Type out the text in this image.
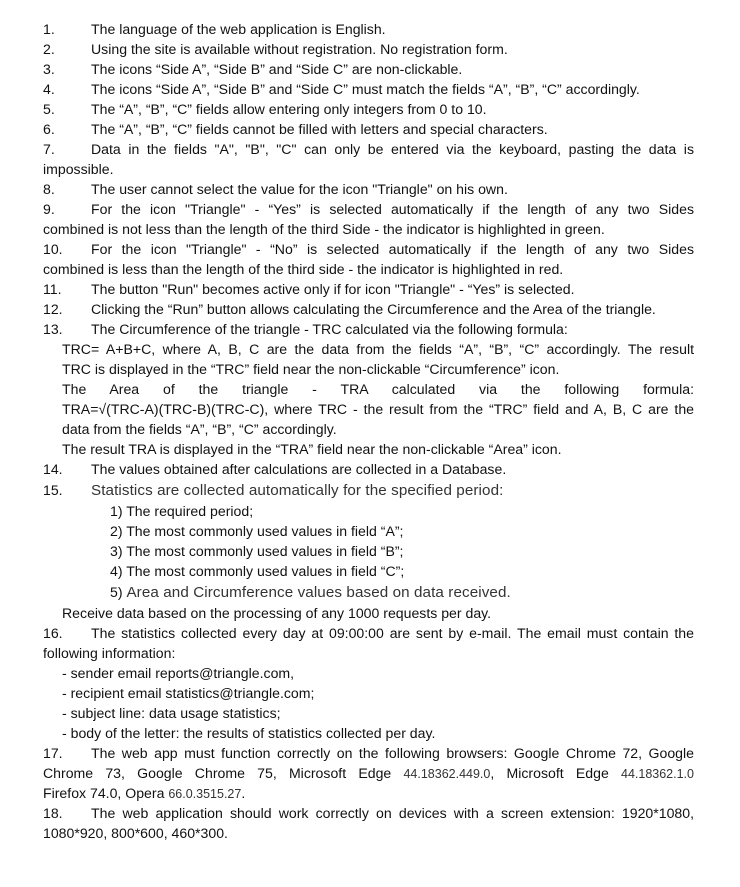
1.	The language of the web application is English.
2.	Using the site is available without registration. No registration form.
3.	The icons “Side A”, “Side B” and “Side C” are non-clickable.
4.	The icons “Side A”, “Side B” and “Side C” must match the fields “A”, “B”, “C” accordingly.
5.	The “A”, “B”, “C” fields allow entering only integers from 0 to 10.
6.	The “A”, “B”, “C” fields cannot be filled with letters and special characters.
7.	Data in the fields "A", "B", "C" can only be entered via the keyboard, pasting the data is
impossible.
8.	The user cannot select the value for the icon "Triangle" on his own.
9.	For the icon "Triangle" - “Yes” is selected automatically if the length of any two Sides
combined is not less than the length of the third Side - the indicator is highlighted in green.
10. For the icon "Triangle" - “No” is selected automatically if the length of any two Sides
combined is less than the length of the third side - the indicator is highlighted in red.
11. The button "Run" becomes active only if for icon "Triangle" - “Yes” is selected.
12. Clicking the “Run” button allows calculating the Circumference and the Area of the triangle.
13. The Circumference of the triangle - TRC calculated via the following formula:
TRC= A+B+C, where A, B, C are the data from the fields “A”, “B”, “C” accordingly. The result
TRC is displayed in the “TRC” field near the non-clickable “Circumference” icon.
The Area of the triangle - TRA calculated via the following formula:
TRA=√(TRC-A)(TRC-B)(TRC-C), where TRC - the result from the “TRC” field and A, B, C are the
data from the fields “A”, “B”, “C” accordingly.
The result TRA is displayed in the “TRA” field near the non-clickable “Area” icon.
14. The values obtained after calculations are collected in a Database.
15. Statistics are collected automatically for the specified period:
1) The required period;
2) The most commonly used values in field “A”;
3) The most commonly used values in field “B”;
4) The most commonly used values in field “C”;
5) Area and Circumference values based on data received.
Receive data based on the processing of any 1000 requests per day.
16. The statistics collected every day at 09:00:00 are sent by e-mail. The email must contain the
following information:
- sender email reports@triangle.com,
- recipient email statistics@triangle.com;
- subject line: data usage statistics;
- body of the letter: the results of statistics collected per day.
17. The web app must function correctly on the following browsers: Google Chrome 72, Google
Chrome 73, Google Chrome 75, Microsoft Edge 44.18362.449.0, Microsoft Edge 44.18362.1.0
Firefox 74.0, Opera 66.0.3515.27.
18. The web application should work correctly on devices with a screen extension: 1920*1080,
1080*920, 800*600, 460*300.
